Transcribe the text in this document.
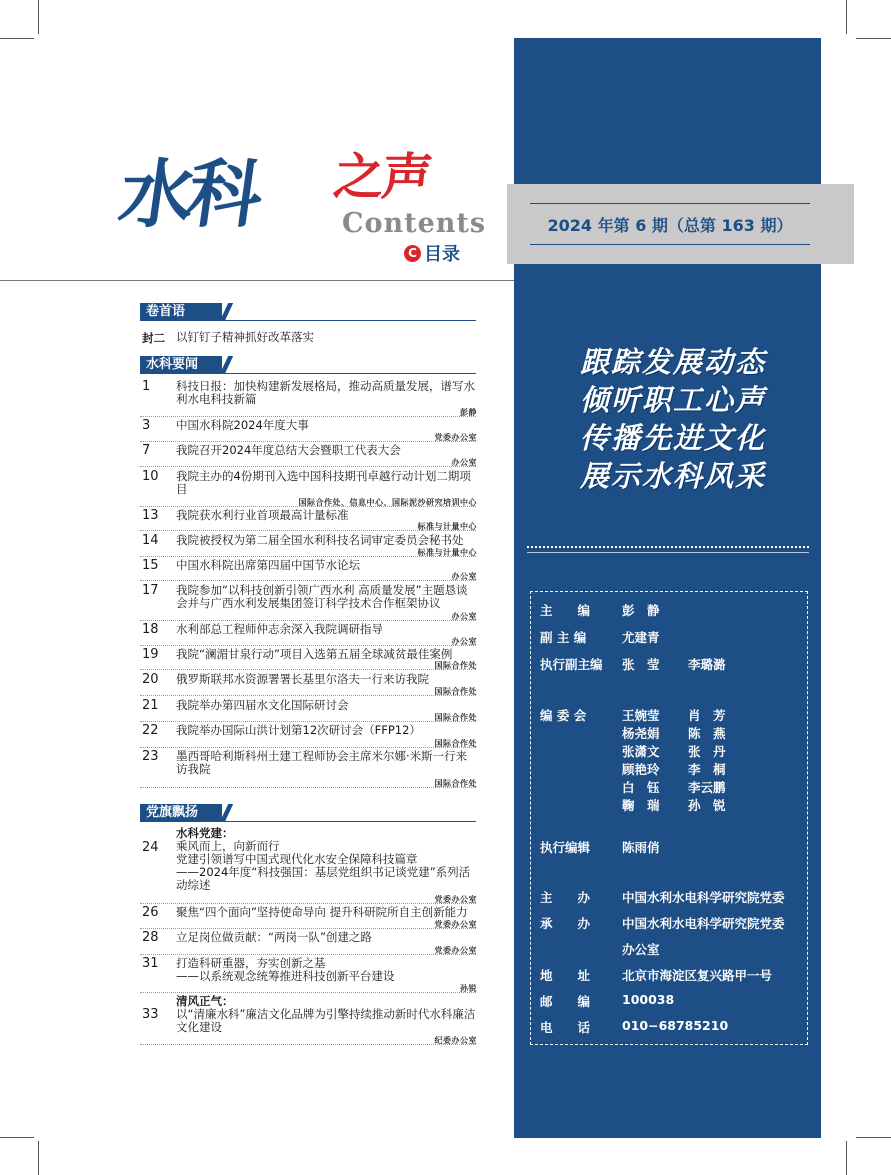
2024 年第 6 期（总第 163 期）
水科 之声
Contents
C 目录
跟踪发展动态
倾听职工心声
传播先进文化
展示水科风采
主　　编	彭　静
副 主 编	尤建青
执行副主编 张　莹 李璐潞
编 委 会	王婉莹 肖　芳
杨尧娟 陈　燕
张潇文 张　丹
顾艳玲 李　桐
白　钰 李云鹏
鞠　瑞 孙　锐
执行编辑	陈雨俏
主　　办	中国水利水电科学研究院党委
承　　办	中国水利水电科学研究院党委
办公室
地　　址	北京市海淀区复兴路甲一号
邮　　编	100038
电　　话	010−68785210
卷首语
封二 以钉钉子精神抓好改革落实
水科要闻
1 科技日报：加快构建新发展格局，推动高质量发展，谱写水利水电科技新篇
彭静
3 中国水科院2024年度大事
党委办公室
7 我院召开2024年度总结大会暨职工代表大会
办公室
10 我院主办的4份期刊入选中国科技期刊卓越行动计划二期项目
国际合作处、信息中心、国际泥沙研究培训中心
13 我院获水利行业首项最高计量标准
标准与计量中心
14 我院被授权为第二届全国水利科技名词审定委员会秘书处
标准与计量中心
15 中国水科院出席第四届中国节水论坛
办公室
17 我院参加“以科技创新引领广西水利 高质量发展”主题恳谈会并与广西水利发展集团签订科学技术合作框架协议
办公室
18 水利部总工程师仲志余深入我院调研指导
办公室
19 我院“澜湄甘泉行动”项目入选第五届全球减贫最佳案例
国际合作处
20 俄罗斯联邦水资源署署长基里尔洛夫一行来访我院
国际合作处
21 我院举办第四届水文化国际研讨会
国际合作处
22 我院举办国际山洪计划第12次研讨会（FFP12）
国际合作处
23 墨西哥哈利斯科州土建工程师协会主席米尔娜·米斯一行来访我院
国际合作处
党旗飘扬
24
水科党建：
乘风而上，向新而行
党建引领谱写中国式现代化水安全保障科技篇章
——2024年度“科技强国：基层党组织书记谈党建”系列活动综述
党委办公室
26 聚焦“四个面向”坚持使命导向 提升科研院所自主创新能力
党委办公室
28 立足岗位做贡献：“两岗一队”创建之路
党委办公室
31 打造科研重器，夯实创新之基
——以系统观念统筹推进科技创新平台建设
孙锐
33
清风正气：
以“清廉水科”廉洁文化品牌为引擎持续推动新时代水科廉洁文化建设
纪委办公室
